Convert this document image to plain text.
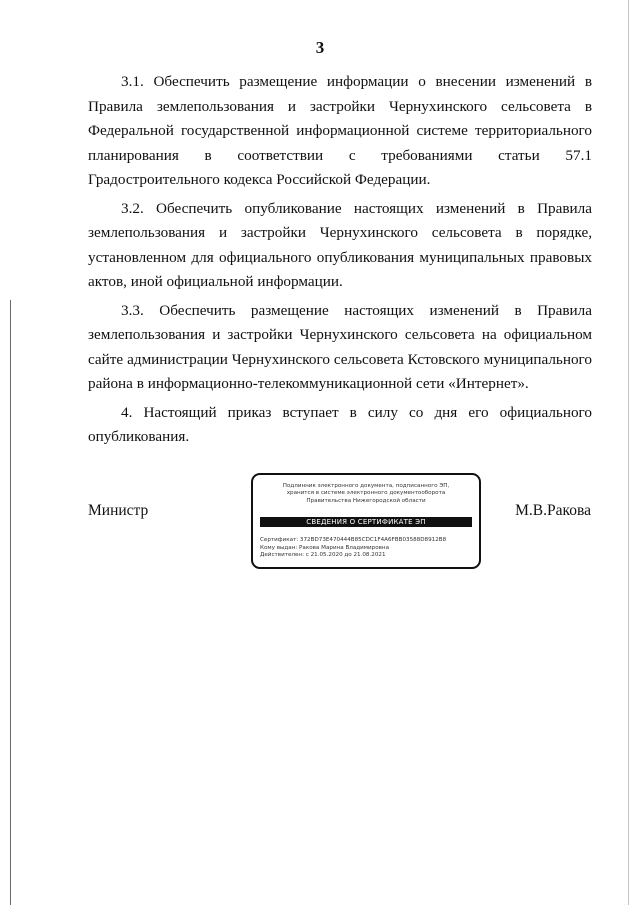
3

3.1. Обеспечить размещение информации о внесении изменений в Правила землепользования и застройки Чернухинского сельсовета в Федеральной государственной информационной системе территориального планирования в соответствии с требованиями статьи 57.1 Градостроительного кодекса Российской Федерации.

3.2. Обеспечить опубликование настоящих изменений в Правила землепользования и застройки Чернухинского сельсовета в порядке, установленном для официального опубликования муниципальных правовых актов, иной официальной информации.

3.3. Обеспечить размещение настоящих изменений в Правила землепользования и застройки Чернухинского сельсовета на официальном сайте администрации Чернухинского сельсовета Кстовского муниципального района в информационно-телекоммуникационной сети «Интернет».

4. Настоящий приказ вступает в силу со дня его официального опубликования.

Министр
Подлинник электронного документа, подписанного ЭП,
хранится в системе электронного документооборота
Правительства Нижегородской области
СВЕДЕНИЯ О СЕРТИФИКАТЕ ЭП
Сертификат: 372BD73E470444B85CDC1F4A6FBB03588D8912B8
Кому выдан: Ракова Марина Владимировна
Действителен: с 21.05.2020 до 21.08.2021
М.В.Ракова
